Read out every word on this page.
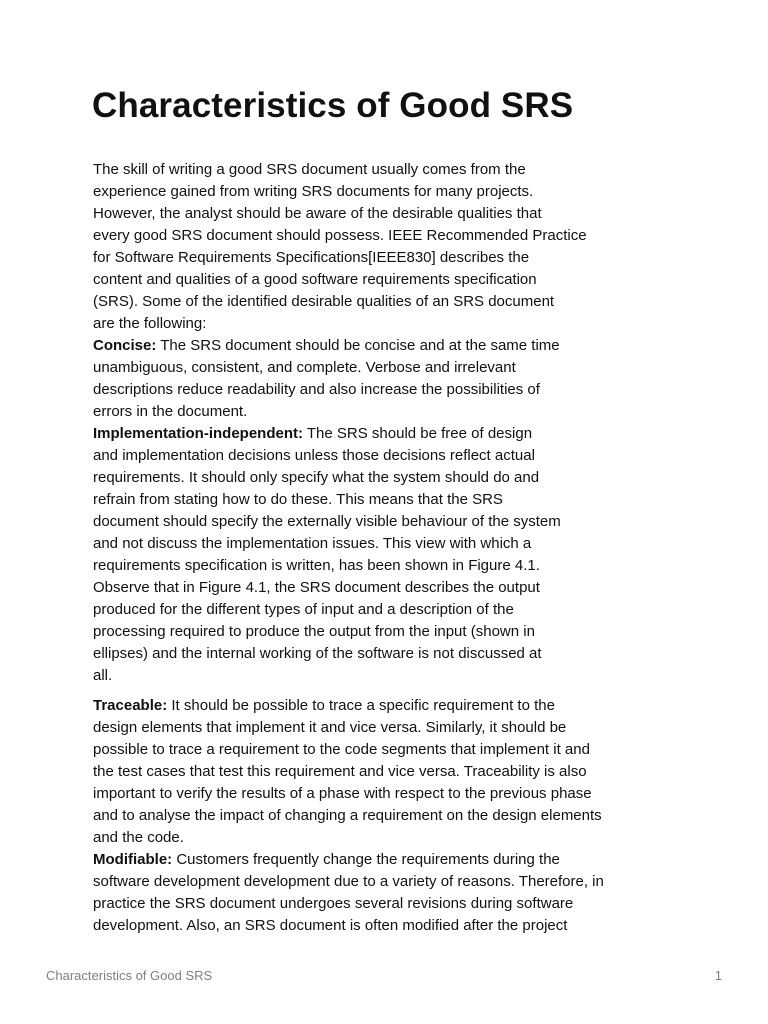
Characteristics of Good SRS
The skill of writing a good SRS document usually comes from the
experience gained from writing SRS documents for many projects.
However, the analyst should be aware of the desirable qualities that
every good SRS document should possess. IEEE Recommended Practice
for Software Requirements Specifications[IEEE830] describes the
content and qualities of a good software requirements specification
(SRS). Some of the identified desirable qualities of an SRS document
are the following:
Concise: The SRS document should be concise and at the same time
unambiguous, consistent, and complete. Verbose and irrelevant
descriptions reduce readability and also increase the possibilities of
errors in the document.
Implementation-independent: The SRS should be free of design
and implementation decisions unless those decisions reflect actual
requirements. It should only specify what the system should do and
refrain from stating how to do these. This means that the SRS
document should specify the externally visible behaviour of the system
and not discuss the implementation issues. This view with which a
requirements specification is written, has been shown in Figure 4.1.
Observe that in Figure 4.1, the SRS document describes the output
produced for the different types of input and a description of the
processing required to produce the output from the input (shown in
ellipses) and the internal working of the software is not discussed at
all.
Traceable: It should be possible to trace a specific requirement to the
design elements that implement it and vice versa. Similarly, it should be
possible to trace a requirement to the code segments that implement it and
the test cases that test this requirement and vice versa. Traceability is also
important to verify the results of a phase with respect to the previous phase
and to analyse the impact of changing a requirement on the design elements
and the code.
Modifiable: Customers frequently change the requirements during the
software development development due to a variety of reasons. Therefore, in
practice the SRS document undergoes several revisions during software
development. Also, an SRS document is often modified after the project
Characteristics of Good SRS	1
